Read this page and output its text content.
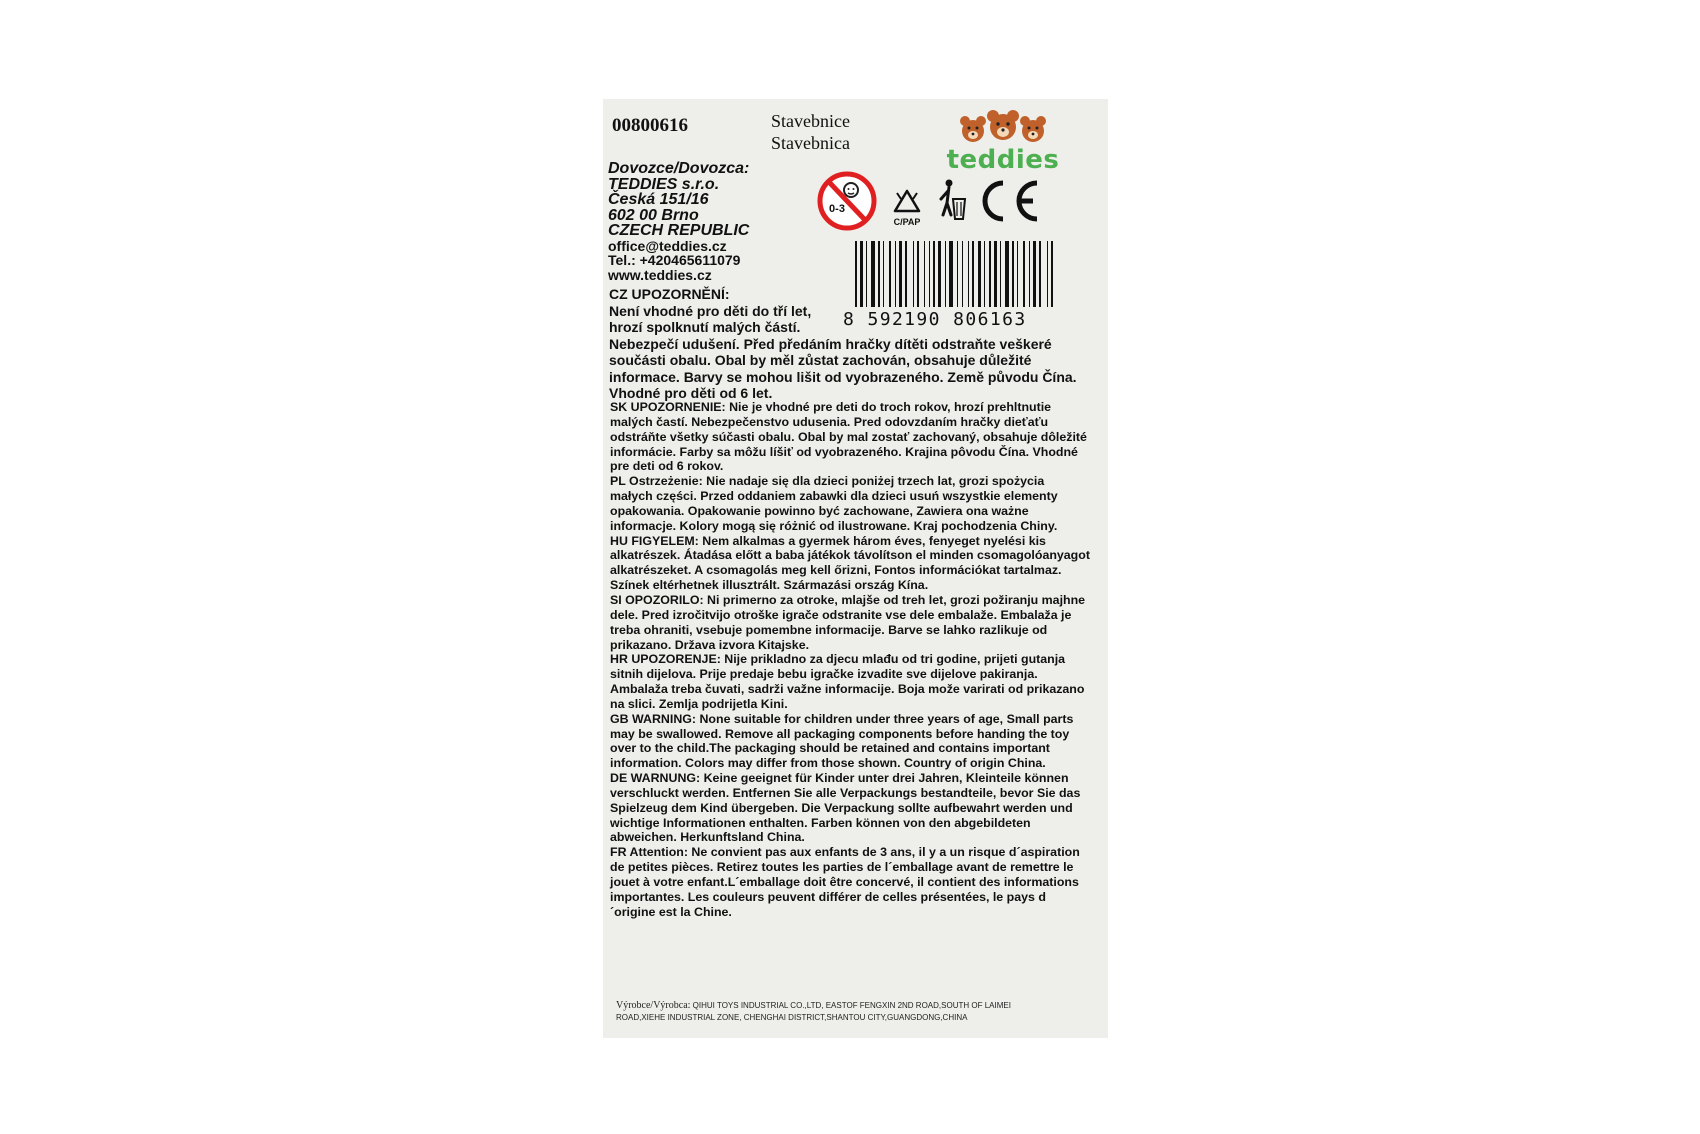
00800616	Stavebnice
Stavebnica
teddies
Dovozce/Dovozca:
TEDDIES s.r.o.
Česká 151/16
602 00 Brno
CZECH REPUBLIC
office@teddies.cz
Tel.: +420465611079
www.teddies.cz
0-3
C/PAP
8 592190 806163

CZ UPOZORNĚNÍ:

Není vhodné pro děti do tří let,

hrozí spolknutí malých částí.

Nebezpečí udušení. Před předáním hračky dítěti odstraňte veškeré součásti obalu. Obal by měl zůstat zachován, obsahuje důležité informace. Barvy se mohou lišit od vyobrazeného. Země původu Čína. Vhodné pro děti od 6 let.

SK UPOZORNENIE: Nie je vhodné pre deti do troch rokov, hrozí prehltnutie malých častí. Nebezpečenstvo udusenia. Pred odovzdaním hračky dieťaťu odstráňte všetky súčasti obalu. Obal by mal zostať zachovaný, obsahuje dôležité informácie. Farby sa môžu líšiť od vyobrazeného. Krajina pôvodu Čína. Vhodné pre deti od 6 rokov.

PL Ostrzeżenie: Nie nadaje się dla dzieci poniżej trzech lat, grozi spożycia małych części. Przed oddaniem zabawki dla dzieci usuń wszystkie elementy opakowania. Opakowanie powinno być zachowane, Zawiera ona ważne informacje. Kolory mogą się różnić od ilustrowane. Kraj pochodzenia Chiny.

HU FIGYELEM: Nem alkalmas a gyermek három éves, fenyeget nyelési kis alkatrészek. Átadása előtt a baba játékok távolítson el minden csomagolóanyagot alkatrészeket. A csomagolás meg kell őrizni, Fontos információkat tartalmaz. Színek eltérhetnek illusztrált. Származási ország Kína.

SI OPOZORILO: Ni primerno za otroke, mlajše od treh let, grozi požiranju majhne dele. Pred izročitvijo otroške igrače odstranite vse dele embalaže. Embalaža je treba ohraniti, vsebuje pomembne informacije. Barve se lahko razlikuje od prikazano. Država izvora Kitajske.

HR UPOZORENJE: Nije prikladno za djecu mlađu od tri godine, prijeti gutanja sitnih dijelova. Prije predaje bebu igračke izvadite sve dijelove pakiranja. Ambalaža treba čuvati, sadrži važne informacije. Boja može varirati od prikazano na slici. Zemlja podrijetla Kini.

GB WARNING: None suitable for children under three years of age, Small parts may be swallowed. Remove all packaging components before handing the toy over to the child.The packaging should be retained and contains important information. Colors may differ from those shown. Country of origin China.

DE WARNUNG: Keine geeignet für Kinder unter drei Jahren, Kleinteile können verschluckt werden. Entfernen Sie alle Verpackungs bestandteile, bevor Sie das Spielzeug dem Kind übergeben. Die Verpackung sollte aufbewahrt werden und wichtige Informationen enthalten. Farben können von den abgebildeten abweichen. Herkunftsland China.

FR Attention: Ne convient pas aux enfants de 3 ans, il y a un risque d´aspiration de petites pièces. Retirez toutes les parties de l´emballage avant de remettre le jouet à votre enfant.L´emballage doit être concervé, il contient des informations importantes. Les couleurs peuvent différer de celles présentées, le pays d´origine est la Chine.

Výrobce/Výrobca: QIHUI TOYS INDUSTRIAL CO.,LTD, EASTOF FENGXIN 2ND ROAD,SOUTH OF LAIMEI ROAD,XIEHE INDUSTRIAL ZONE, CHENGHAI DISTRICT,SHANTOU CITY,GUANGDONG,CHINA
